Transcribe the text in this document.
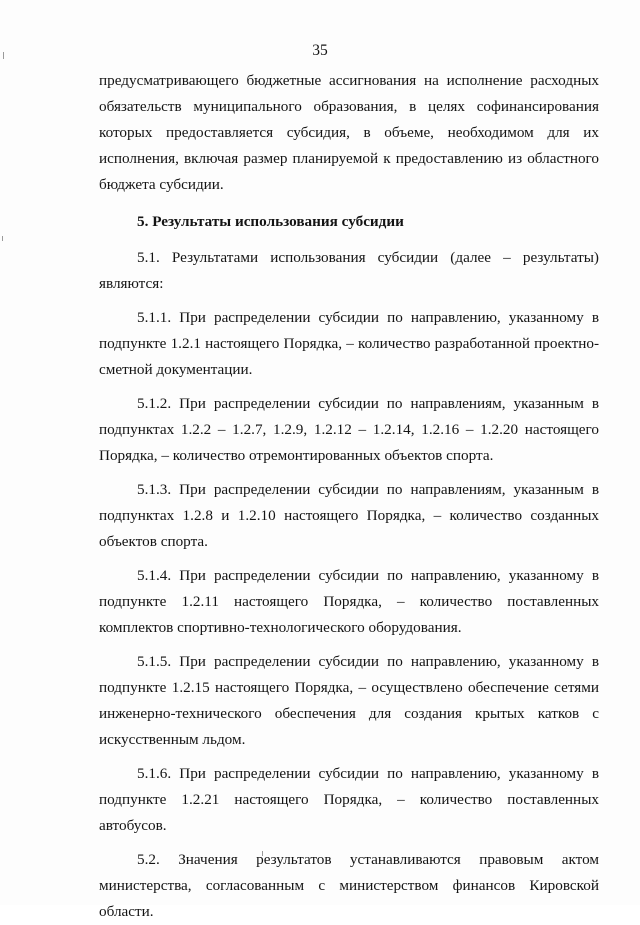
35

предусматривающего бюджетные ассигнования на исполнение расходных обязательств муниципального образования, в целях софинансирования которых предоставляется субсидия, в объеме, необходимом для их исполнения, включая размер планируемой к предоставлению из областного бюджета субсидии.

5. Результаты использования субсидии

5.1. Результатами использования субсидии (далее – результаты) являются:

5.1.1. При распределении субсидии по направлению, указанному в подпункте 1.2.1 настоящего Порядка, – количество разработанной проектно-сметной документации.

5.1.2. При распределении субсидии по направлениям, указанным в подпунктах 1.2.2 – 1.2.7, 1.2.9, 1.2.12 – 1.2.14, 1.2.16 – 1.2.20 настоящего Порядка, – количество отремонтированных объектов спорта.

5.1.3. При распределении субсидии по направлениям, указанным в подпунктах 1.2.8 и 1.2.10 настоящего Порядка, – количество созданных объектов спорта.

5.1.4. При распределении субсидии по направлению, указанному в подпункте 1.2.11 настоящего Порядка, – количество поставленных комплектов спортивно-технологического оборудования.

5.1.5. При распределении субсидии по направлению, указанному в подпункте 1.2.15 настоящего Порядка, – осуществлено обеспечение сетями инженерно-технического обеспечения для создания крытых катков с искусственным льдом.

5.1.6. При распределении субсидии по направлению, указанному в подпункте 1.2.21 настоящего Порядка, – количество поставленных автобусов.

5.2. Значения результатов устанавливаются правовым актом министерства, согласованным с министерством финансов Кировской области.
